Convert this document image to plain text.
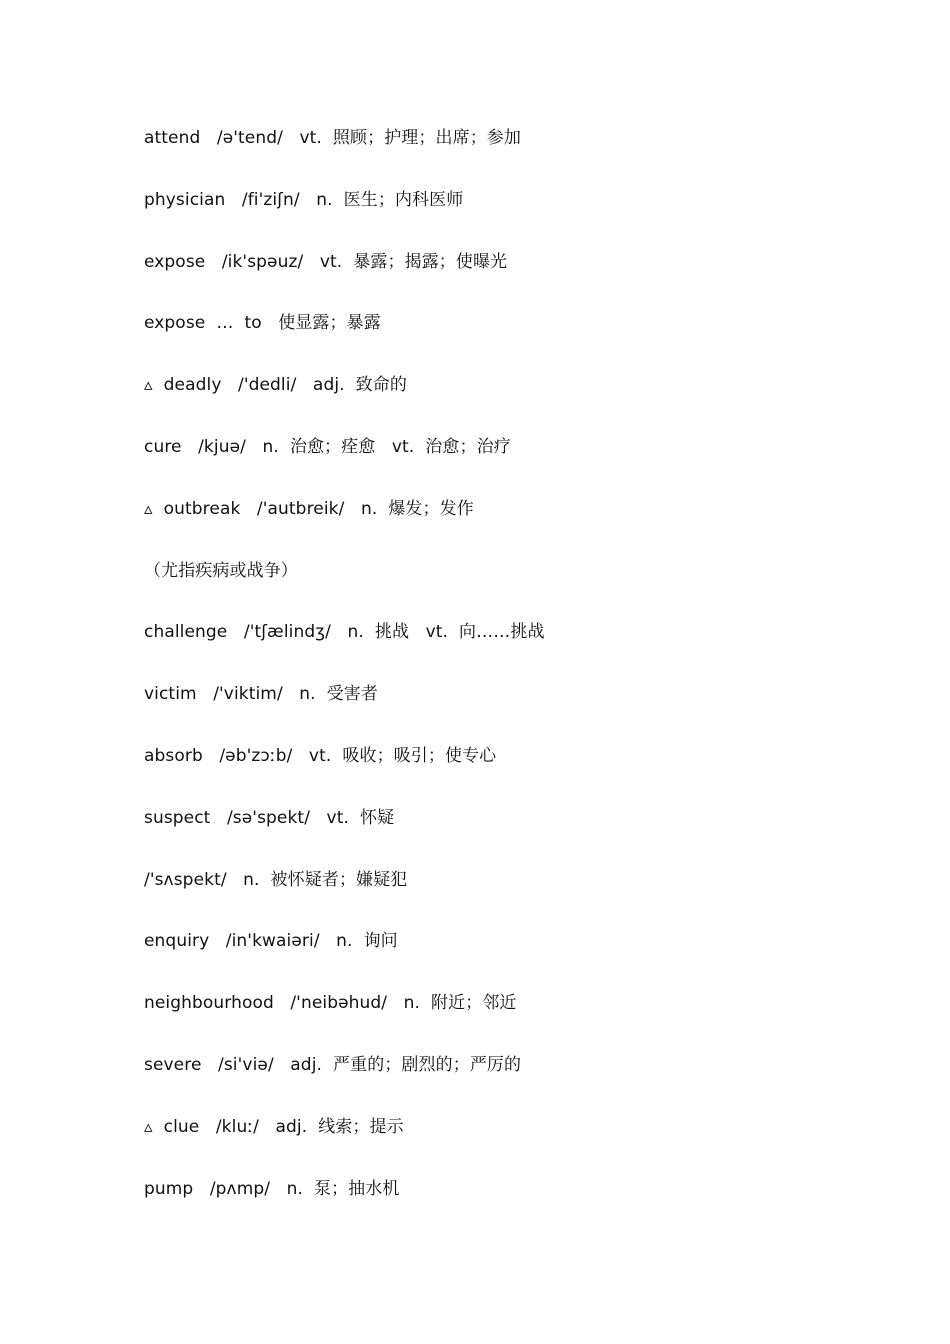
attend   /ə'tend/   vt.  照顾；护理；出席；参加
physician   /fi'ziʃn/   n.  医生；内科医师
expose   /ik'spəuz/   vt.  暴露；揭露；使曝光
expose  …  to   使显露；暴露
▵  deadly   /'dedli/   adj.  致命的
cure   /kjuə/   n.  治愈；痊愈   vt.  治愈；治疗
▵  outbreak   /'autbreik/   n.  爆发；发作
（尤指疾病或战争）
challenge   /'tʃælindʒ/   n.  挑战   vt.  向……挑战
victim   /'viktim/   n.  受害者
absorb   /əb'zɔːb/   vt.  吸收；吸引；使专心
suspect   /sə'spekt/   vt.  怀疑
/'sʌspekt/   n.  被怀疑者；嫌疑犯
enquiry   /in'kwaiəri/   n.  询问
neighbourhood   /'neibəhud/   n.  附近；邻近
severe   /si'viə/   adj.  严重的；剧烈的；严厉的
▵  clue   /kluː/   adj.  线索；提示
pump   /pʌmp/   n.  泵；抽水机
